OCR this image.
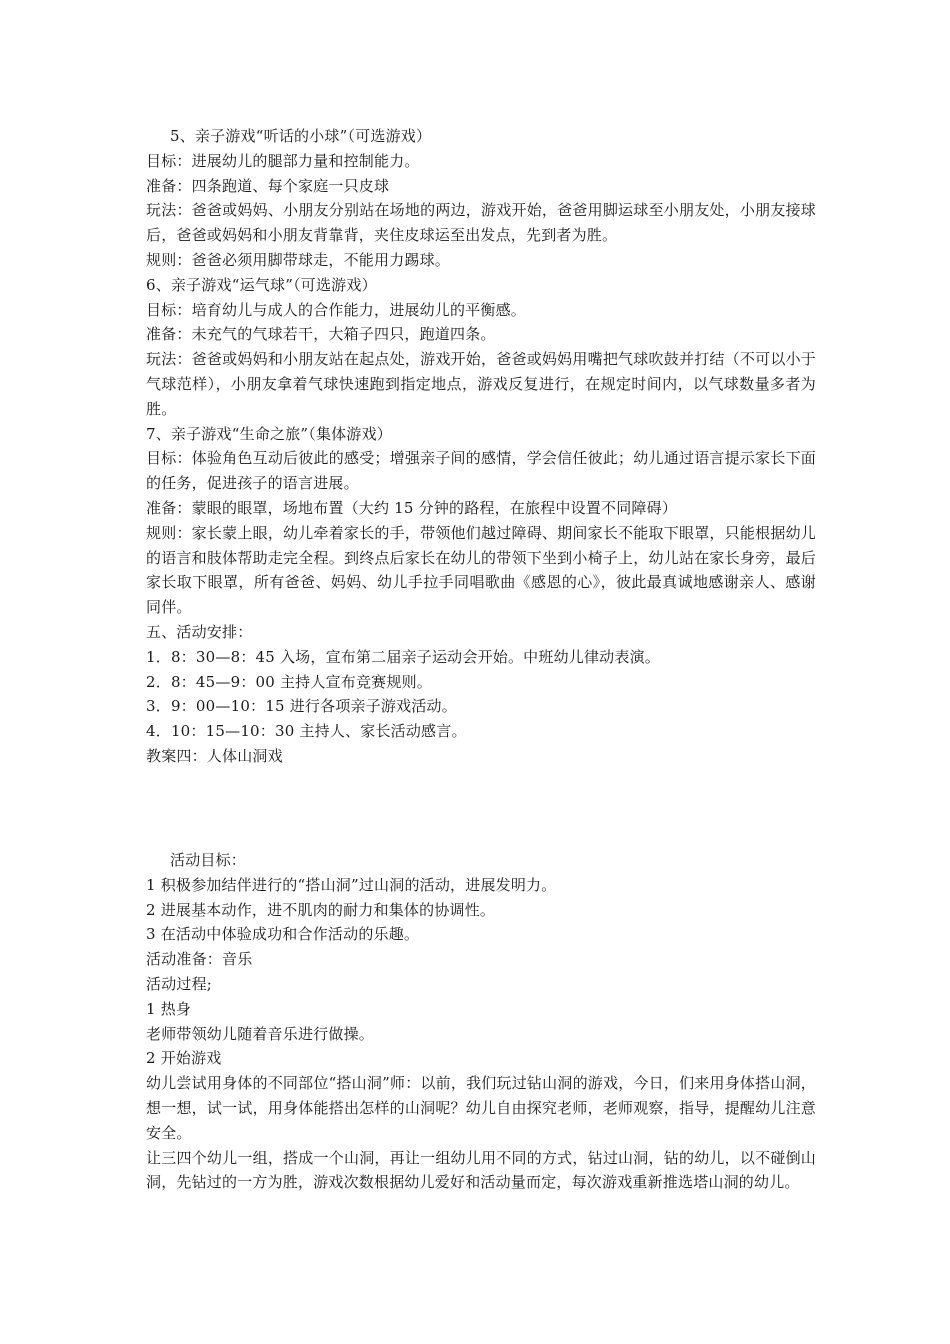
5、亲子游戏“听话的小球”（可选游戏）

目标：进展幼儿的腿部力量和控制能力。

准备：四条跑道、每个家庭一只皮球

玩法：爸爸或妈妈、小朋友分别站在场地的两边，游戏开始，爸爸用脚运球至小朋友处，小朋友接球后，爸爸或妈妈和小朋友背靠背，夹住皮球运至出发点，先到者为胜。

规则：爸爸必须用脚带球走，不能用力踢球。

6、亲子游戏“运气球”（可选游戏）

目标：培育幼儿与成人的合作能力，进展幼儿的平衡感。

准备：未充气的气球若干，大箱子四只，跑道四条。

玩法：爸爸或妈妈和小朋友站在起点处，游戏开始，爸爸或妈妈用嘴把气球吹鼓并打结（不可以小于气球范样），小朋友拿着气球快速跑到指定地点，游戏反复进行，在规定时间内，以气球数量多者为胜。

7、亲子游戏“生命之旅”（集体游戏）

目标：体验角色互动后彼此的感受；增强亲子间的感情，学会信任彼此；幼儿通过语言提示家长下面的任务，促进孩子的语言进展。

准备：蒙眼的眼罩，场地布置（大约 15 分钟的路程，在旅程中设置不同障碍）

规则：家长蒙上眼，幼儿牵着家长的手，带领他们越过障碍、期间家长不能取下眼罩，只能根据幼儿的语言和肢体帮助走完全程。到终点后家长在幼儿的带领下坐到小椅子上，幼儿站在家长身旁，最后家长取下眼罩，所有爸爸、妈妈、幼儿手拉手同唱歌曲《感恩的心》，彼此最真诚地感谢亲人、感谢同伴。

五、活动安排：

1．8：30—8：45 入场，宣布第二届亲子运动会开始。中班幼儿律动表演。

2．8：45—9：00 主持人宣布竞赛规则。

3．9：00—10：15 进行各项亲子游戏活动。

4．10：15—10：30 主持人、家长活动感言。

教案四：人体山洞戏

活动目标：

1 积极参加结伴进行的“搭山洞”过山洞的活动，进展发明力。

2 进展基本动作，进不肌肉的耐力和集体的协调性。

3 在活动中体验成功和合作活动的乐趣。

活动准备：音乐

活动过程;

1 热身

老师带领幼儿随着音乐进行做操。

2 开始游戏

幼儿尝试用身体的不同部位“搭山洞”师：以前，我们玩过钻山洞的游戏，今日，们来用身体搭山洞，想一想，试一试，用身体能搭出怎样的山洞呢？幼儿自由探究老师，老师观察，指导，提醒幼儿注意安全。

让三四个幼儿一组，搭成一个山洞，再让一组幼儿用不同的方式，钻过山洞，钻的幼儿，以不碰倒山洞，先钻过的一方为胜，游戏次数根据幼儿爱好和活动量而定，每次游戏重新推选塔山洞的幼儿。
